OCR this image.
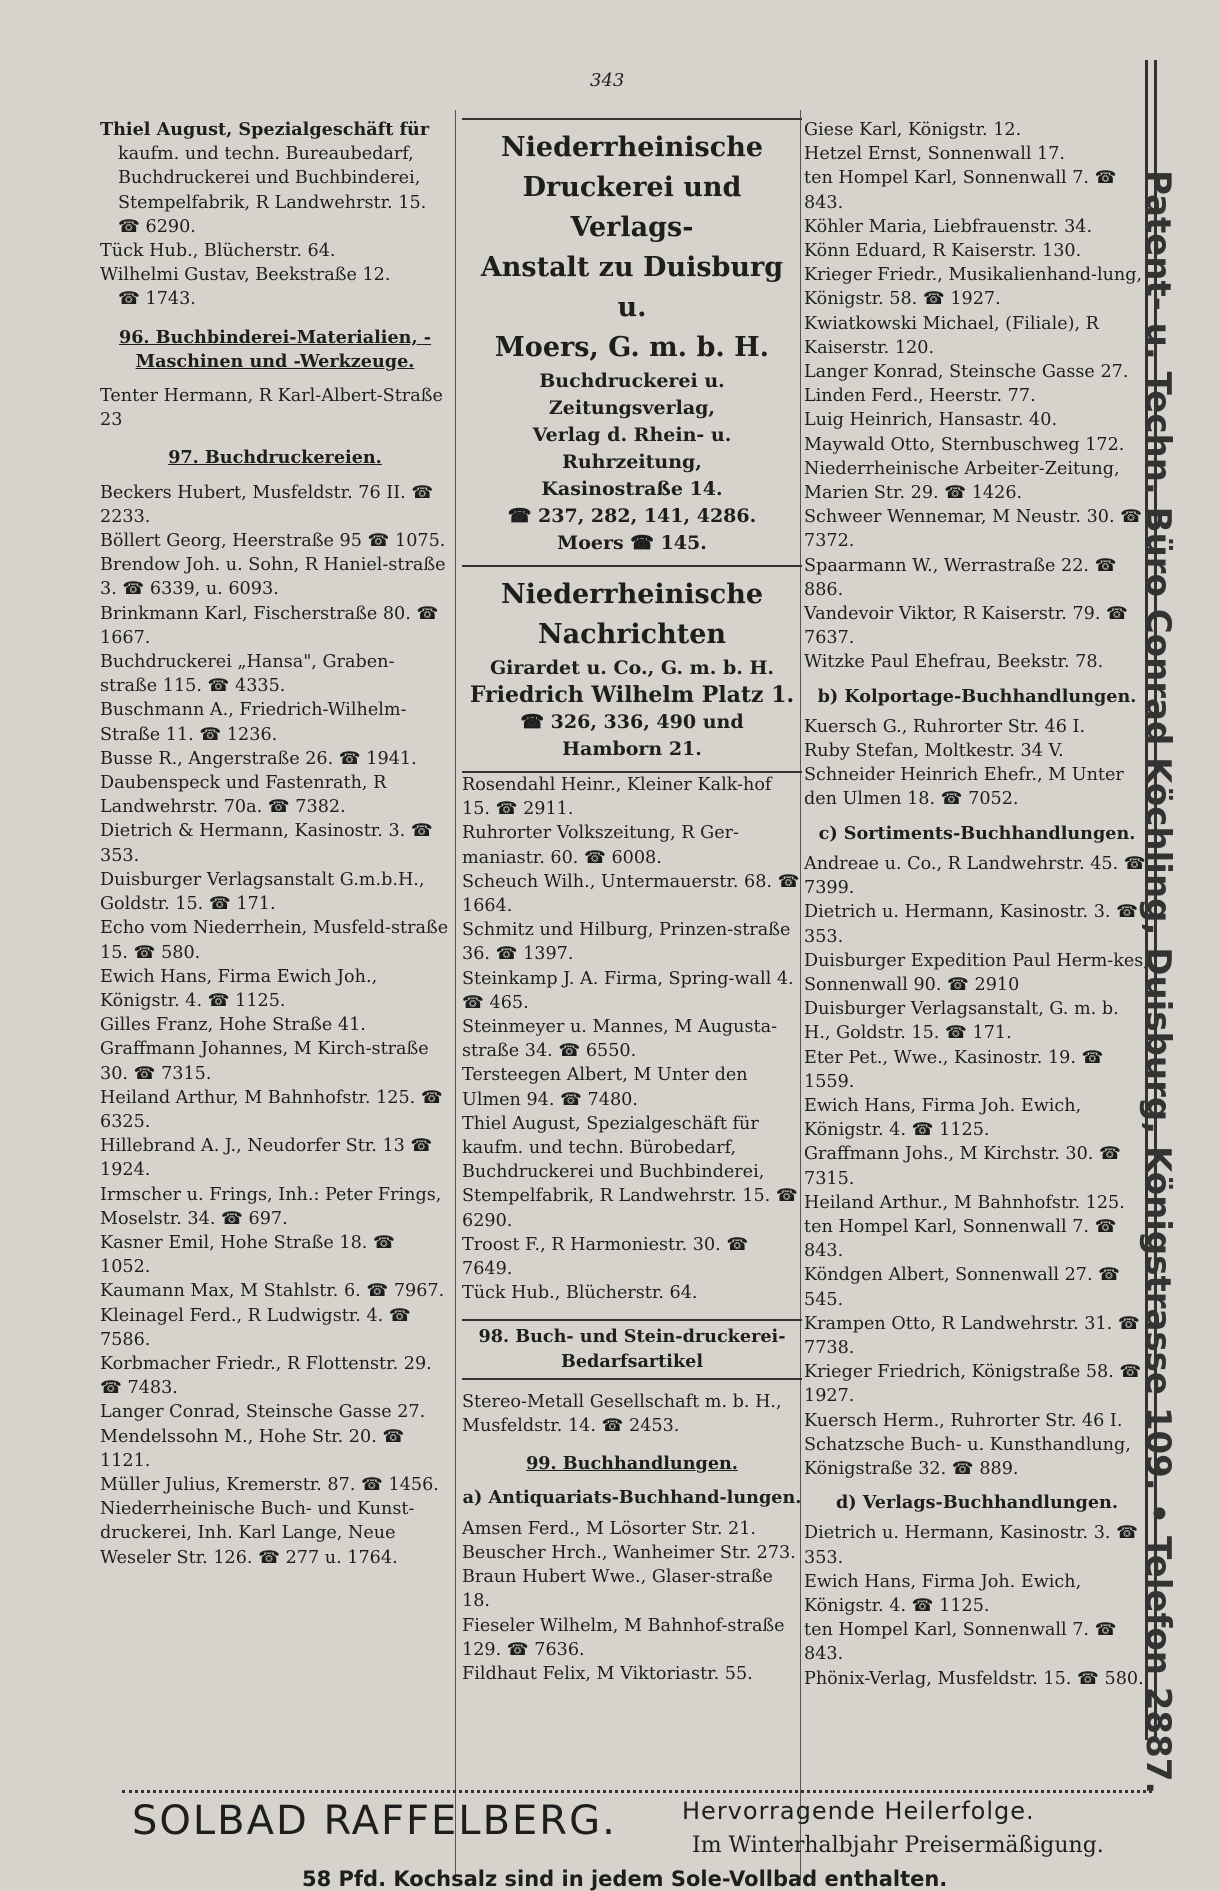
343
Thiel August, Spezialgeschäft für
kaufm. und techn. Bureaubedarf, Buchdruckerei und Buchbinderei, Stempelfabrik, R Landwehrstr. 15.
☎ 6290.
Tück Hub., Blücherstr. 64.
Wilhelmi Gustav, Beekstraße 12.
☎ 1743.
96. Buchbinderei-Materialien, -Maschinen und -Werkzeuge.
Tenter Hermann, R Karl-Albert-Straße 23
97. Buchdruckereien.
Beckers Hubert, Musfeldstr. 76 II. ☎ 2233.
Böllert Georg, Heerstraße 95 ☎ 1075.
Brendow Joh. u. Sohn, R Haniel-straße 3. ☎ 6339, u. 6093.
Brinkmann Karl, Fischerstraße 80. ☎ 1667.
Buchdruckerei „Hansa", Graben-straße 115. ☎ 4335.
Buschmann A., Friedrich-Wilhelm-Straße 11. ☎ 1236.
Busse R., Angerstraße 26. ☎ 1941.
Daubenspeck und Fastenrath, R Landwehrstr. 70a. ☎ 7382.
Dietrich & Hermann, Kasinostr. 3. ☎ 353.
Duisburger Verlagsanstalt G.m.b.H., Goldstr. 15. ☎ 171.
Echo vom Niederrhein, Musfeld-straße 15. ☎ 580.
Ewich Hans, Firma Ewich Joh., Königstr. 4. ☎ 1125.
Gilles Franz, Hohe Straße 41.
Graffmann Johannes, M Kirch-straße 30. ☎ 7315.
Heiland Arthur, M Bahnhofstr. 125. ☎ 6325.
Hillebrand A. J., Neudorfer Str. 13 ☎ 1924.
Irmscher u. Frings, Inh.: Peter Frings, Moselstr. 34. ☎ 697.
Kasner Emil, Hohe Straße 18. ☎ 1052.
Kaumann Max, M Stahlstr. 6. ☎ 7967.
Kleinagel Ferd., R Ludwigstr. 4. ☎ 7586.
Korbmacher Friedr., R Flottenstr. 29. ☎ 7483.
Langer Conrad, Steinsche Gasse 27.
Mendelssohn M., Hohe Str. 20. ☎ 1121.
Müller Julius, Kremerstr. 87. ☎ 1456.
Niederrheinische Buch- und Kunst-druckerei, Inh. Karl Lange, Neue Weseler Str. 126. ☎ 277 u. 1764.
Niederrheinische
Druckerei und Verlags-
Anstalt zu Duisburg u.
Moers, G. m. b. H.
Buchdruckerei u. Zeitungsverlag,
Verlag d. Rhein- u. Ruhrzeitung,
Kasinostraße 14.
☎ 237, 282, 141, 4286.
Moers ☎ 145.
Niederrheinische
Nachrichten
Girardet u. Co., G. m. b. H.
Friedrich Wilhelm Platz 1.
☎ 326, 336, 490 und
Hamborn 21.
Rosendahl Heinr., Kleiner Kalk-hof 15. ☎ 2911.
Ruhrorter Volkszeitung, R Ger-maniastr. 60. ☎ 6008.
Scheuch Wilh., Untermauerstr. 68. ☎ 1664.
Schmitz und Hilburg, Prinzen-straße 36. ☎ 1397.
Steinkamp J. A. Firma, Spring-wall 4. ☎ 465.
Steinmeyer u. Mannes, M Augusta-straße 34. ☎ 6550.
Tersteegen Albert, M Unter den Ulmen 94. ☎ 7480.
Thiel August, Spezialgeschäft für kaufm. und techn. Bürobedarf, Buchdruckerei und Buchbinderei, Stempelfabrik, R Landwehrstr. 15. ☎ 6290.
Troost F., R Harmoniestr. 30. ☎ 7649.
Tück Hub., Blücherstr. 64.
98. Buch- und Stein-druckerei-Bedarfsartikel
Stereo-Metall Gesellschaft m. b. H., Musfeldstr. 14. ☎ 2453.
99. Buchhandlungen.
a) Antiquariats-Buchhand-lungen.
Amsen Ferd., M Lösorter Str. 21.
Beuscher Hrch., Wanheimer Str. 273.
Braun Hubert Wwe., Glaser-straße 18.
Fieseler Wilhelm, M Bahnhof-straße 129. ☎ 7636.
Fildhaut Felix, M Viktoriastr. 55.
Giese Karl, Königstr. 12.
Hetzel Ernst, Sonnenwall 17.
ten Hompel Karl, Sonnenwall 7. ☎ 843.
Köhler Maria, Liebfrauenstr. 34.
Könn Eduard, R Kaiserstr. 130.
Krieger Friedr., Musikalienhand-lung, Königstr. 58. ☎ 1927.
Kwiatkowski Michael, (Filiale), R Kaiserstr. 120.
Langer Konrad, Steinsche Gasse 27.
Linden Ferd., Heerstr. 77.
Luig Heinrich, Hansastr. 40.
Maywald Otto, Sternbuschweg 172.
Niederrheinische Arbeiter-Zeitung, Marien Str. 29. ☎ 1426.
Schweer Wennemar, M Neustr. 30. ☎ 7372.
Spaarmann W., Werrastraße 22. ☎ 886.
Vandevoir Viktor, R Kaiserstr. 79. ☎ 7637.
Witzke Paul Ehefrau, Beekstr. 78.
b) Kolportage-Buchhandlungen.
Kuersch G., Ruhrorter Str. 46 I.
Ruby Stefan, Moltkestr. 34 V.
Schneider Heinrich Ehefr., M Unter den Ulmen 18. ☎ 7052.
c) Sortiments-Buchhandlungen.
Andreae u. Co., R Landwehrstr. 45. ☎ 7399.
Dietrich u. Hermann, Kasinostr. 3. ☎ 353.
Duisburger Expedition Paul Herm-kes, Sonnenwall 90. ☎ 2910
Duisburger Verlagsanstalt, G. m. b. H., Goldstr. 15. ☎ 171.
Eter Pet., Wwe., Kasinostr. 19. ☎ 1559.
Ewich Hans, Firma Joh. Ewich, Königstr. 4. ☎ 1125.
Graffmann Johs., M Kirchstr. 30. ☎ 7315.
Heiland Arthur., M Bahnhofstr. 125.
ten Hompel Karl, Sonnenwall 7. ☎ 843.
Köndgen Albert, Sonnenwall 27. ☎ 545.
Krampen Otto, R Landwehrstr. 31. ☎ 7738.
Krieger Friedrich, Königstraße 58. ☎ 1927.
Kuersch Herm., Ruhrorter Str. 46 I.
Schatzsche Buch- u. Kunsthandlung, Königstraße 32. ☎ 889.
d) Verlags-Buchhandlungen.
Dietrich u. Hermann, Kasinostr. 3. ☎ 353.
Ewich Hans, Firma Joh. Ewich, Königstr. 4. ☎ 1125.
ten Hompel Karl, Sonnenwall 7. ☎ 843.
Phönix-Verlag, Musfeldstr. 15. ☎ 580.
Patent- u. Techn. Büro Conrad Köchling, Duisburg, Königstrasse 109. • Telefon 2887.
SOLBAD RAFFELBERG.	Hervorragende Heilerfolge.
Im Winterhalbjahr Preisermäßigung.
58 Pfd. Kochsalz sind in jedem Sole-Vollbad enthalten.
